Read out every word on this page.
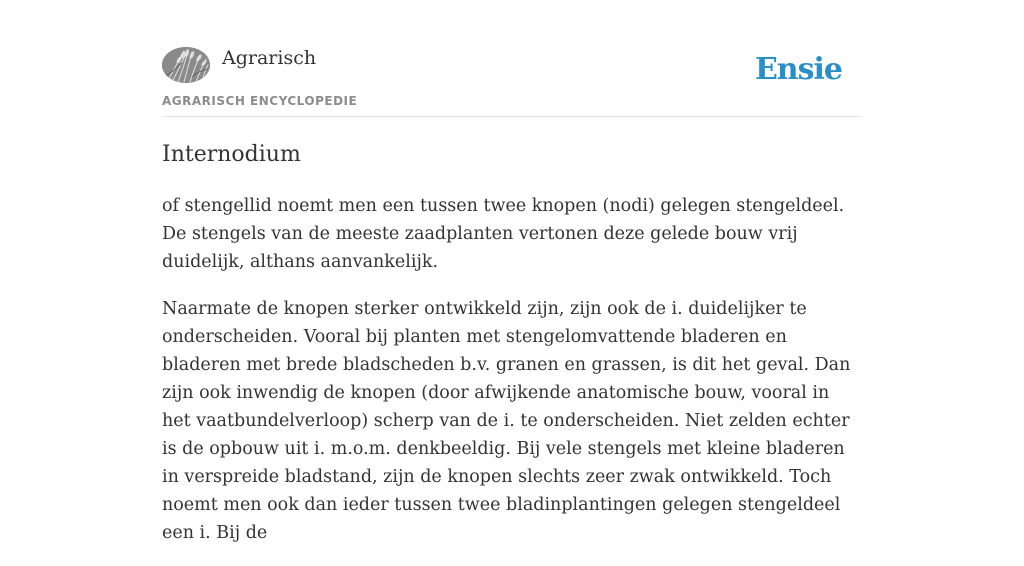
Agrarisch
AGRARISCH ENCYCLOPEDIE
Ensie
Internodium

of stengellid noemt men een tussen twee knopen (nodi) gelegen stengeldeel. De stengels van de meeste zaadplanten vertonen deze gelede bouw vrij duidelijk, althans aanvankelijk.

Naarmate de knopen sterker ontwikkeld zijn, zijn ook de i. duidelijker te onderscheiden. Vooral bij planten met stengelomvattende bladeren en bladeren met brede bladscheden b.v. granen en grassen, is dit het geval. Dan zijn ook inwendig de knopen (door afwijkende anatomische bouw, vooral in het vaatbundelverloop) scherp van de i. te onderscheiden. Niet zelden echter is de opbouw uit i. m.o.m. denkbeeldig. Bij vele stengels met kleine bladeren in verspreide bladstand, zijn de knopen slechts zeer zwak ontwikkeld. Toch noemt men ook dan ieder tussen twee bladinplantingen gelegen stengeldeel een i. Bij de
